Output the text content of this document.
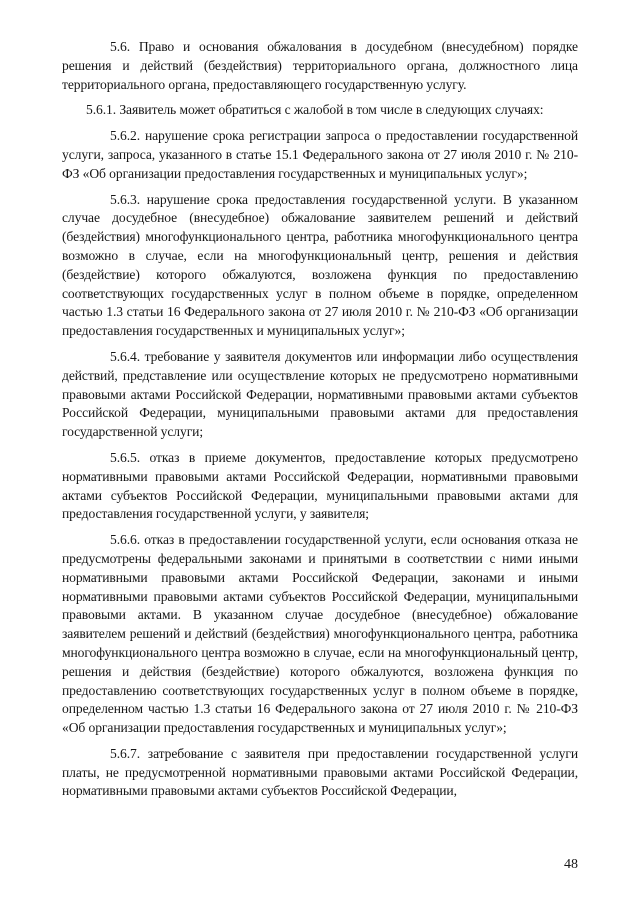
5.6. Право и основания обжалования в досудебном (внесудебном) порядке решения и действий (бездействия) территориального органа, должностного лица территориального органа, предоставляющего государственную услугу.

5.6.1. Заявитель может обратиться с жалобой в том числе в следующих случаях:

5.6.2. нарушение срока регистрации запроса о предоставлении государственной услуги, запроса, указанного в статье 15.1 Федерального закона от 27 июля 2010 г. № 210-ФЗ «Об организации предоставления государственных и муниципальных услуг»;

5.6.3. нарушение срока предоставления государственной услуги. В указанном случае досудебное (внесудебное) обжалование заявителем решений и действий (бездействия) многофункционального центра, работника многофункционального центра возможно в случае, если на многофункциональный центр, решения и действия (бездействие) которого обжалуются, возложена функция по предоставлению соответствующих государственных услуг в полном объеме в порядке, определенном частью 1.3 статьи 16 Федерального закона от 27 июля 2010 г. № 210-ФЗ «Об организации предоставления государственных и муниципальных услуг»;

5.6.4. требование у заявителя документов или информации либо осуществления действий, представление или осуществление которых не предусмотрено нормативными правовыми актами Российской Федерации, нормативными правовыми актами субъектов Российской Федерации, муниципальными правовыми актами для предоставления государственной услуги;

5.6.5. отказ в приеме документов, предоставление которых предусмотрено нормативными правовыми актами Российской Федерации, нормативными правовыми актами субъектов Российской Федерации, муниципальными правовыми актами для предоставления государственной услуги, у заявителя;

5.6.6. отказ в предоставлении государственной услуги, если основания отказа не предусмотрены федеральными законами и принятыми в соответствии с ними иными нормативными правовыми актами Российской Федерации, законами и иными нормативными правовыми актами субъектов Российской Федерации, муниципальными правовыми актами. В указанном случае досудебное (внесудебное) обжалование заявителем решений и действий (бездействия) многофункционального центра, работника многофункционального центра возможно в случае, если на многофункциональный центр, решения и действия (бездействие) которого обжалуются, возложена функция по предоставлению соответствующих государственных услуг в полном объеме в порядке, определенном частью 1.3 статьи 16 Федерального закона от 27 июля 2010 г. № 210-ФЗ «Об организации предоставления государственных и муниципальных услуг»;

5.6.7. затребование с заявителя при предоставлении государственной услуги платы, не предусмотренной нормативными правовыми актами Российской Федерации, нормативными правовыми актами субъектов Российской Федерации,

48
